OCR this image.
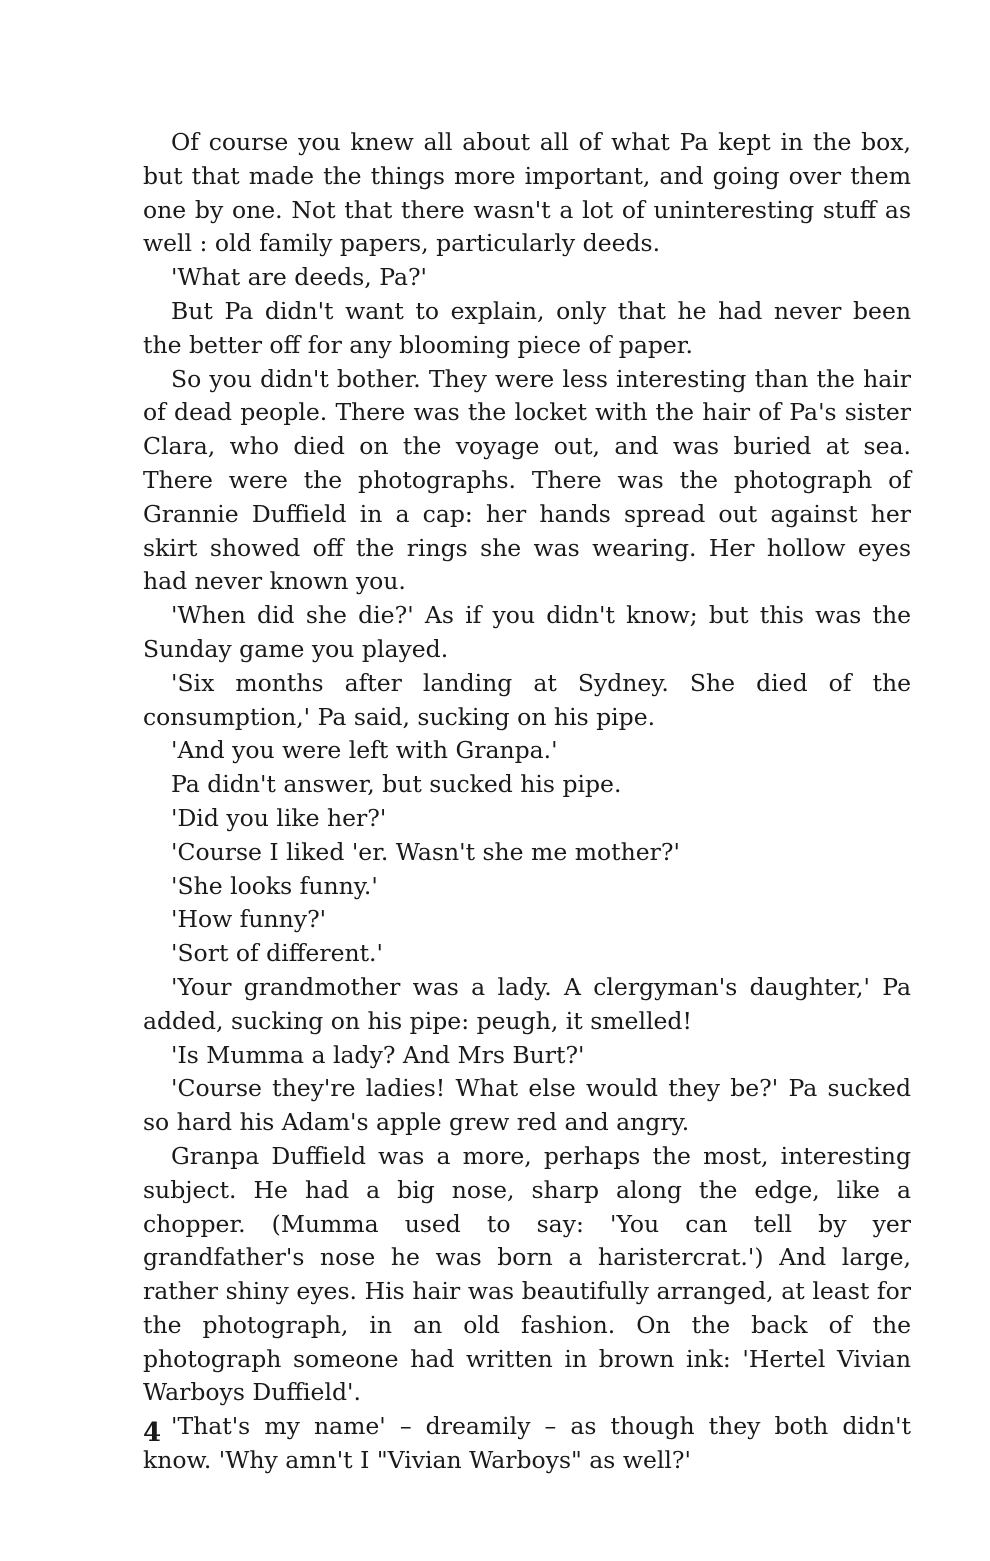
Of course you knew all about all of what Pa kept in the box, but that made the things more important, and going over them one by one. Not that there wasn't a lot of uninteresting stuff as well : old family papers, particularly deeds.

'What are deeds, Pa?'

But Pa didn't want to explain, only that he had never been the better off for any blooming piece of paper.

So you didn't bother. They were less interesting than the hair of dead people. There was the locket with the hair of Pa's sister Clara, who died on the voyage out, and was buried at sea. There were the photographs. There was the photograph of Grannie Duffield in a cap: her hands spread out against her skirt showed off the rings she was wearing. Her hollow eyes had never known you.

'When did she die?' As if you didn't know; but this was the Sunday game you played.

'Six months after landing at Sydney. She died of the consumption,' Pa said, sucking on his pipe.

'And you were left with Granpa.'

Pa didn't answer, but sucked his pipe.

'Did you like her?'

'Course I liked 'er. Wasn't she me mother?'

'She looks funny.'

'How funny?'

'Sort of different.'

'Your grandmother was a lady. A clergyman's daughter,' Pa added, sucking on his pipe: peugh, it smelled!

'Is Mumma a lady? And Mrs Burt?'

'Course they're ladies! What else would they be?' Pa sucked so hard his Adam's apple grew red and angry.

Granpa Duffield was a more, perhaps the most, interesting subject. He had a big nose, sharp along the edge, like a chopper. (Mumma used to say: 'You can tell by yer grandfather's nose he was born a haristercrat.') And large, rather shiny eyes. His hair was beautifully arranged, at least for the photograph, in an old fashion. On the back of the photograph someone had written in brown ink: 'Hertel Vivian Warboys Duffield'.

'That's my name' – dreamily – as though they both didn't know. 'Why amn't I "Vivian Warboys" as well?'

4
